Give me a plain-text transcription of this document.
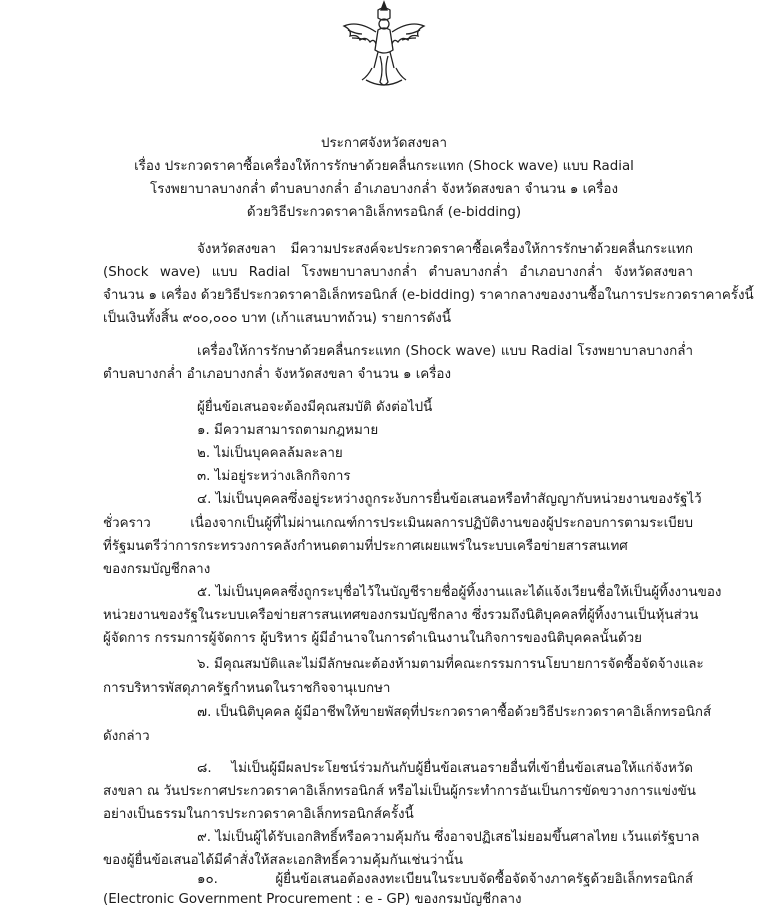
ประกาศจังหวัดสงขลา
เรื่อง ประกวดราคาซื้อเครื่องให้การรักษาด้วยคลื่นกระแทก (Shock wave) แบบ Radial
โรงพยาบาลบางกล่ำ ตำบลบางกล่ำ อำเภอบางกล่ำ จังหวัดสงขลา จำนวน ๑ เครื่อง
ด้วยวิธีประกวดราคาอิเล็กทรอนิกส์ (e-bidding)
จังหวัดสงขลา มีความประสงค์จะประกวดราคาซื้อเครื่องให้การรักษาด้วยคลื่นกระแทก
(Shock wave) แบบ Radial โรงพยาบาลบางกล่ำ ตำบลบางกล่ำ อำเภอบางกล่ำ จังหวัดสงขลา
จำนวน ๑ เครื่อง ด้วยวิธีประกวดราคาอิเล็กทรอนิกส์ (e-bidding) ราคากลางของงานซื้อในการประกวดราคาครั้งนี้
เป็นเงินทั้งสิ้น ๙๐๐,๐๐๐ บาท (เก้าแสนบาทถ้วน) รายการดังนี้
เครื่องให้การรักษาด้วยคลื่นกระแทก (Shock wave) แบบ Radial โรงพยาบาลบางกล่ำ
ตำบลบางกล่ำ อำเภอบางกล่ำ จังหวัดสงขลา จำนวน ๑ เครื่อง
ผู้ยื่นข้อเสนอจะต้องมีคุณสมบัติ ดังต่อไปนี้
๑. มีความสามารถตามกฎหมาย
๒. ไม่เป็นบุคคลล้มละลาย
๓. ไม่อยู่ระหว่างเลิกกิจการ
๔. ไม่เป็นบุคคลซึ่งอยู่ระหว่างถูกระงับการยื่นข้อเสนอหรือทำสัญญากับหน่วยงานของรัฐไว้
ชั่วคราว เนื่องจากเป็นผู้ที่ไม่ผ่านเกณฑ์การประเมินผลการปฏิบัติงานของผู้ประกอบการตามระเบียบ
ที่รัฐมนตรีว่าการกระทรวงการคลังกำหนดตามที่ประกาศเผยแพร่ในระบบเครือข่ายสารสนเทศ
ของกรมบัญชีกลาง
๕. ไม่เป็นบุคคลซึ่งถูกระบุชื่อไว้ในบัญชีรายชื่อผู้ทิ้งงานและได้แจ้งเวียนชื่อให้เป็นผู้ทิ้งงานของ
หน่วยงานของรัฐในระบบเครือข่ายสารสนเทศของกรมบัญชีกลาง ซึ่งรวมถึงนิติบุคคลที่ผู้ทิ้งงานเป็นหุ้นส่วน
ผู้จัดการ กรรมการผู้จัดการ ผู้บริหาร ผู้มีอำนาจในการดำเนินงานในกิจการของนิติบุคคลนั้นด้วย
๖. มีคุณสมบัติและไม่มีลักษณะต้องห้ามตามที่คณะกรรมการนโยบายการจัดซื้อจัดจ้างและ
การบริหารพัสดุภาครัฐกำหนดในราชกิจจานุเบกษา
๗. เป็นนิติบุคคล ผู้มีอาชีพให้ขายพัสดุที่ประกวดราคาซื้อด้วยวิธีประกวดราคาอิเล็กทรอนิกส์
ดังกล่าว
๘. ไม่เป็นผู้มีผลประโยชน์ร่วมกันกับผู้ยื่นข้อเสนอรายอื่นที่เข้ายื่นข้อเสนอให้แก่จังหวัด
สงขลา ณ วันประกาศประกวดราคาอิเล็กทรอนิกส์ หรือไม่เป็นผู้กระทำการอันเป็นการขัดขวางการแข่งขัน
อย่างเป็นธรรมในการประกวดราคาอิเล็กทรอนิกส์ครั้งนี้
๙. ไม่เป็นผู้ได้รับเอกสิทธิ์หรือความคุ้มกัน ซึ่งอาจปฏิเสธไม่ยอมขึ้นศาลไทย เว้นแต่รัฐบาล
ของผู้ยื่นข้อเสนอได้มีคำสั่งให้สละเอกสิทธิ์ความคุ้มกันเช่นว่านั้น
๑๐. ผู้ยื่นข้อเสนอต้องลงทะเบียนในระบบจัดซื้อจัดจ้างภาครัฐด้วยอิเล็กทรอนิกส์
(Electronic Government Procurement : e - GP) ของกรมบัญชีกลาง
